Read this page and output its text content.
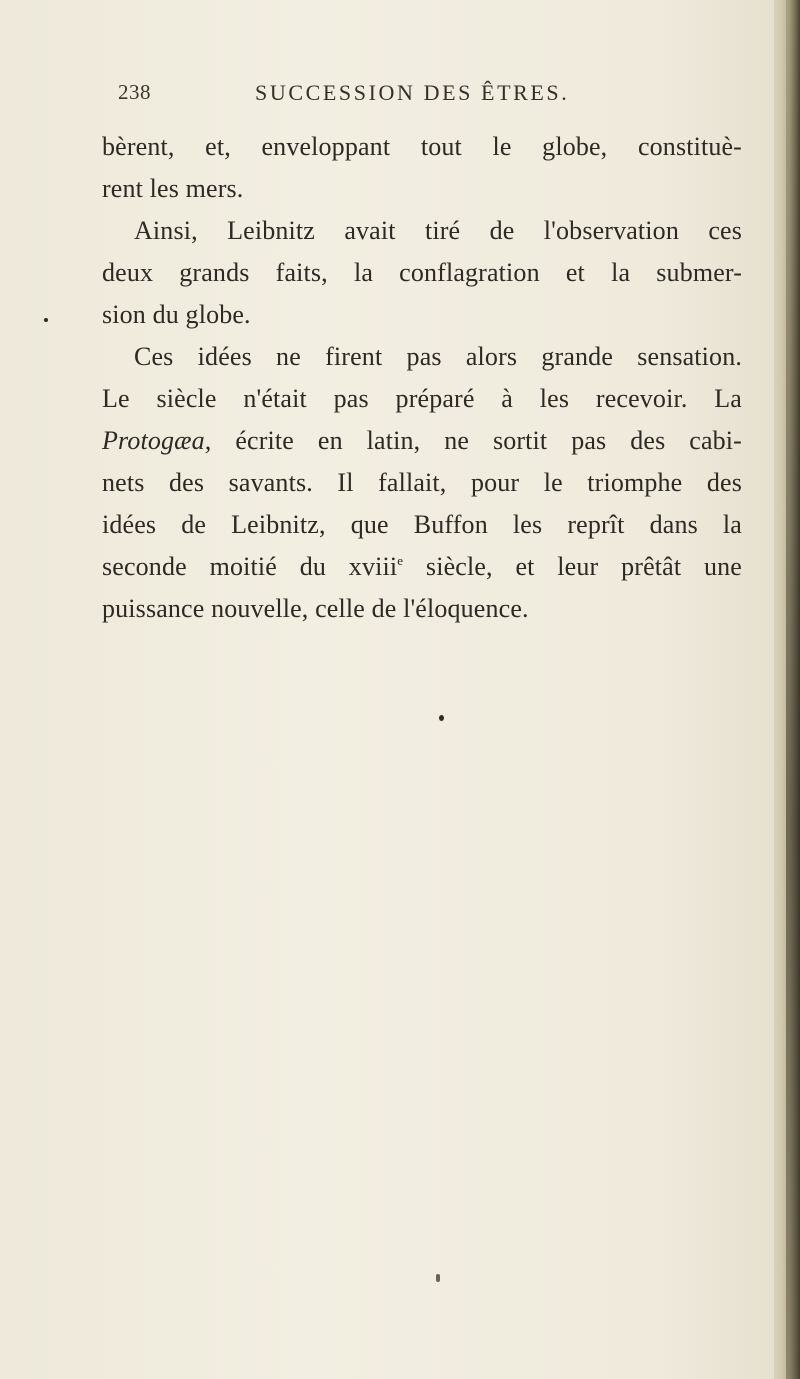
238	SUCCESSION DES ÊTRES.
bèrent, et, enveloppant tout le globe, constituè-
rent les mers.
Ainsi, Leibnitz avait tiré de l'observation ces
deux grands faits, la conflagration et la submer-
sion du globe.
Ces idées ne firent pas alors grande sensation.
Le siècle n'était pas préparé à les recevoir. La
Protogæa, écrite en latin, ne sortit pas des cabi-
nets des savants. Il fallait, pour le triomphe des
idées de Leibnitz, que Buffon les reprît dans la
seconde moitié du xviii$^e$ siècle, et leur prêtât une
puissance nouvelle, celle de l'éloquence.
